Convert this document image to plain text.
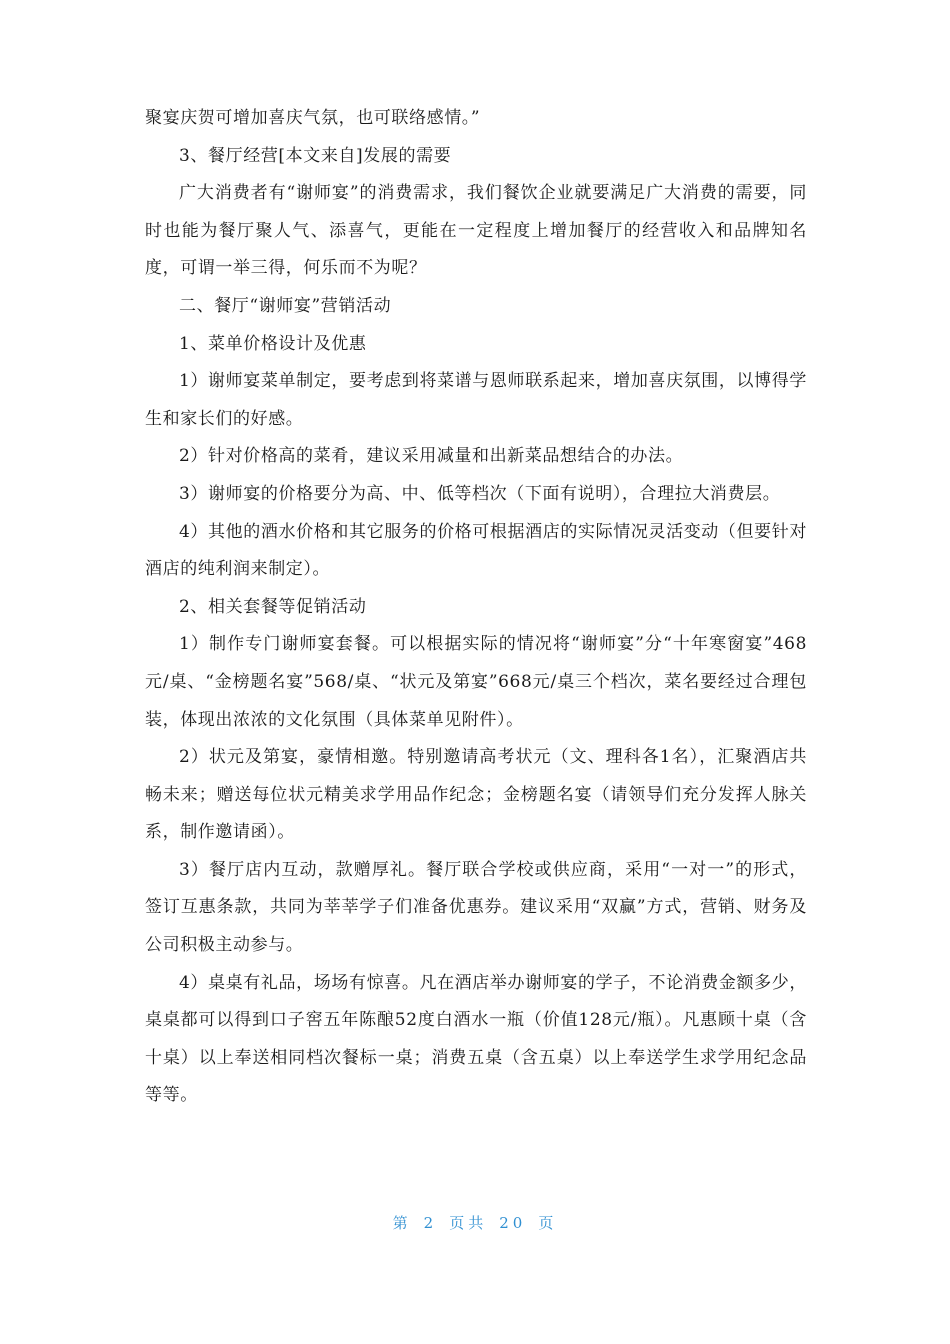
聚宴庆贺可增加喜庆气氛，也可联络感情。”

3、餐厅经营[本文来自]发展的需要

广大消费者有“谢师宴”的消费需求，我们餐饮企业就要满足广大消费的需要，同时也能为餐厅聚人气、添喜气，更能在一定程度上增加餐厅的经营收入和品牌知名度，可谓一举三得，何乐而不为呢？

二、餐厅“谢师宴”营销活动

1、菜单价格设计及优惠

1）谢师宴菜单制定，要考虑到将菜谱与恩师联系起来，增加喜庆氛围，以博得学生和家长们的好感。

2）针对价格高的菜肴，建议采用减量和出新菜品想结合的办法。

3）谢师宴的价格要分为高、中、低等档次（下面有说明），合理拉大消费层。

4）其他的酒水价格和其它服务的价格可根据酒店的实际情况灵活变动（但要针对酒店的纯利润来制定）。

2、相关套餐等促销活动

1）制作专门谢师宴套餐。可以根据实际的情况将“谢师宴”分“十年寒窗宴”468元/桌、“金榜题名宴”568/桌、“状元及第宴”668元/桌三个档次，菜名要经过合理包装，体现出浓浓的文化氛围（具体菜单见附件）。

2）状元及第宴，豪情相邀。特别邀请高考状元（文、理科各1名），汇聚酒店共畅未来；赠送每位状元精美求学用品作纪念；金榜题名宴（请领导们充分发挥人脉关系，制作邀请函）。

3）餐厅店内互动，款赠厚礼。餐厅联合学校或供应商，采用“一对一”的形式，签订互惠条款，共同为莘莘学子们准备优惠券。建议采用“双赢”方式，营销、财务及公司积极主动参与。

4）桌桌有礼品，场场有惊喜。凡在酒店举办谢师宴的学子，不论消费金额多少，桌桌都可以得到口子窖五年陈酿52度白酒水一瓶（价值128元/瓶）。凡惠顾十桌（含十桌）以上奉送相同档次餐标一桌；消费五桌（含五桌）以上奉送学生求学用纪念品等等。

第 2 页共 20 页
